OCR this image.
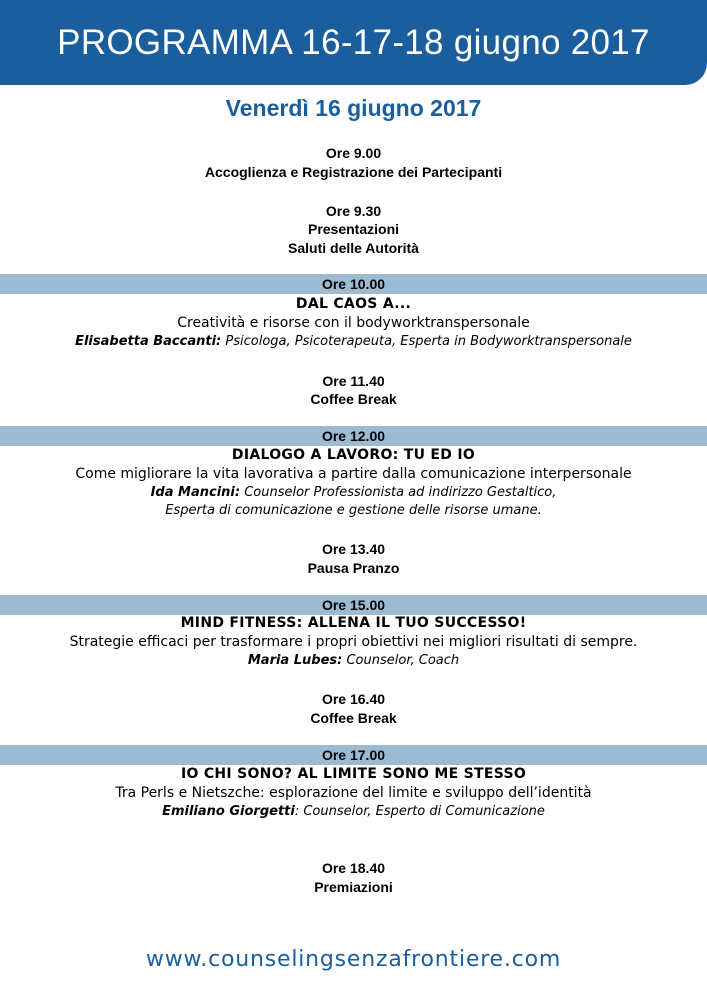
PROGRAMMA 16-17-18 giugno 2017
Venerdì 16 giugno 2017
Ore 9.00
Accoglienza e Registrazione dei Partecipanti
Ore 9.30
Presentazioni
Saluti delle Autorità
Ore 10.00
DAL CAOS A...
Creatività e risorse con il bodyworktranspersonale
Elisabetta Baccanti: Psicologa, Psicoterapeuta, Esperta in Bodyworktranspersonale
Ore 11.40
Coffee Break
Ore 12.00
DIALOGO A LAVORO: TU ED IO
Come migliorare la vita lavorativa a partire dalla comunicazione interpersonale
Ida Mancini: Counselor Professionista ad indirizzo Gestaltico,
Esperta di comunicazione e gestione delle risorse umane.
Ore 13.40
Pausa Pranzo
Ore 15.00
MIND FITNESS: ALLENA IL TUO SUCCESSO!
Strategie efficaci per trasformare i propri obiettivi nei migliori risultati di sempre.
Maria Lubes: Counselor, Coach
Ore 16.40
Coffee Break
Ore 17.00
IO CHI SONO? AL LIMITE SONO ME STESSO
Tra Perls e Nietszche: esplorazione del limite e sviluppo dell’identità
Emiliano Giorgetti: Counselor, Esperto di Comunicazione
Ore 18.40
Premiazioni
www.counselingsenzafrontiere.com
